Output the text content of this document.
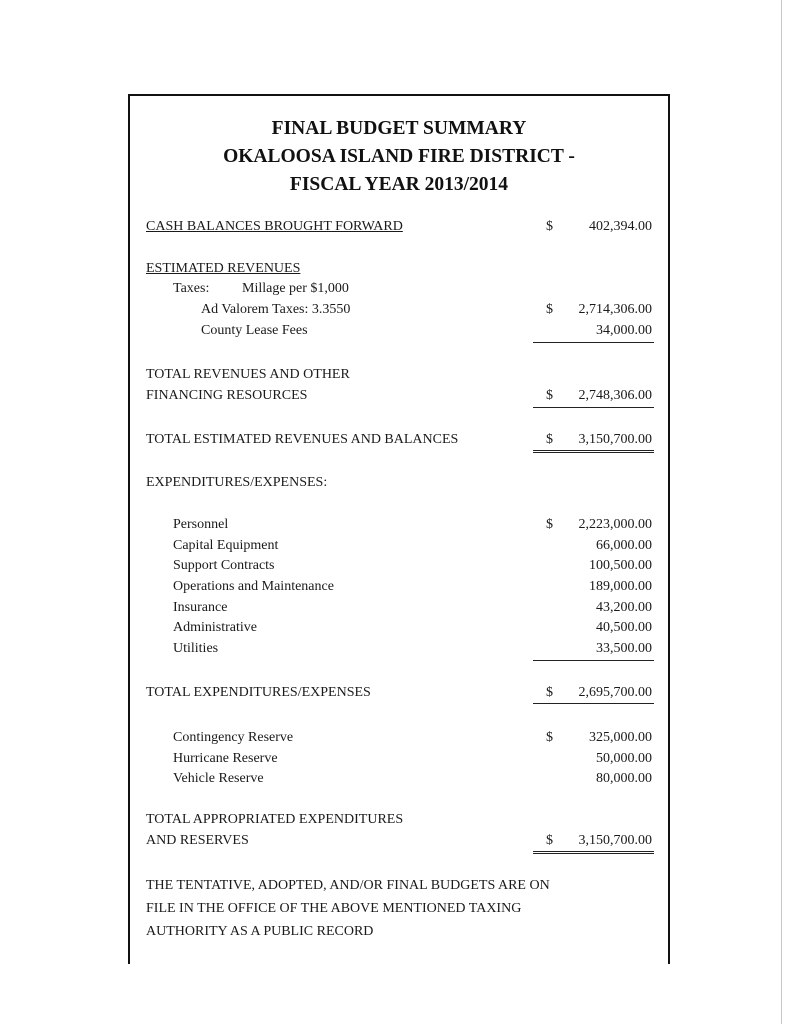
FINAL BUDGET SUMMARY
OKALOOSA ISLAND FIRE DISTRICT -
FISCAL YEAR 2013/2014
CASH BALANCES BROUGHT FORWARD	$	402,394.00
ESTIMATED REVENUES
Taxes: Millage per $1,000
Ad Valorem Taxes: 3.3550	$ 2,714,306.00
County Lease Fees	34,000.00
TOTAL REVENUES AND OTHER
FINANCING RESOURCES	$ 2,748,306.00
TOTAL ESTIMATED REVENUES AND BALANCES	$ 3,150,700.00
EXPENDITURES/EXPENSES:
Personnel	$ 2,223,000.00
Capital Equipment	66,000.00
Support Contracts	100,500.00
Operations and Maintenance	189,000.00
Insurance	43,200.00
Administrative	40,500.00
Utilities	33,500.00
TOTAL EXPENDITURES/EXPENSES	$ 2,695,700.00
Contingency Reserve	$	325,000.00
Hurricane Reserve	50,000.00
Vehicle Reserve	80,000.00
TOTAL APPROPRIATED EXPENDITURES
AND RESERVES	$ 3,150,700.00
THE TENTATIVE, ADOPTED, AND/OR FINAL BUDGETS ARE ON
FILE IN THE OFFICE OF THE ABOVE MENTIONED TAXING
AUTHORITY AS A PUBLIC RECORD
